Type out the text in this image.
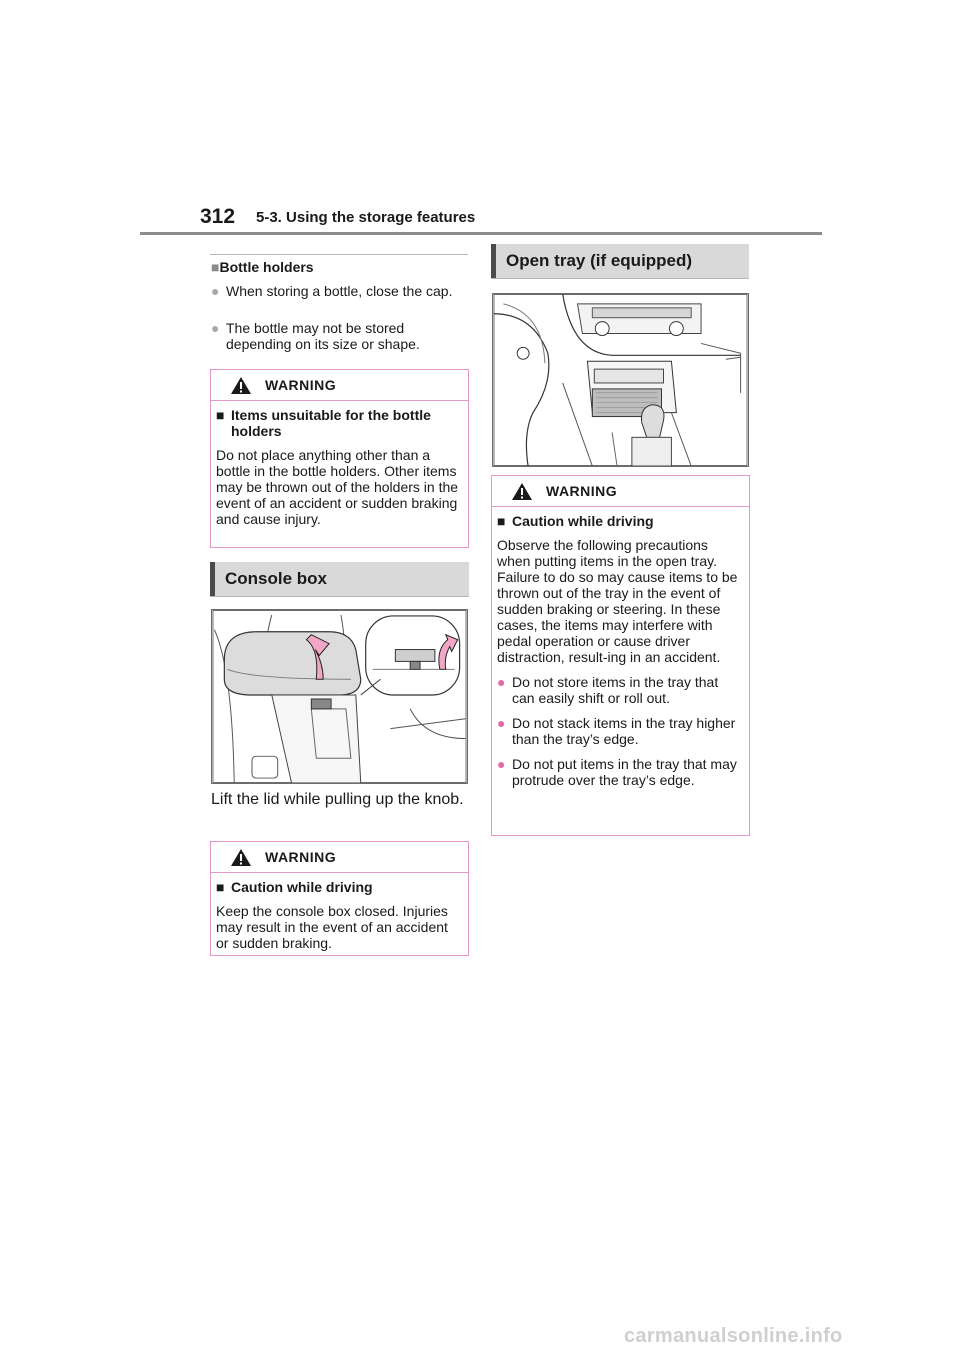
312 5-3. Using the storage features
■Bottle holders
● When storing a bottle, close the cap.
● The bottle may not be stored depending on its size or shape.
WARNING
■ Items unsuitable for the bottle holders

Do not place anything other than a bottle in the bottle holders. Other items may be thrown out of the holders in the event of an accident or sudden braking and cause injury.

Console box
Lift the lid while pulling up the knob.
WARNING
■ Caution while driving

Keep the console box closed. Injuries may result in the event of an accident or sudden braking.

Open tray (if equipped)
WARNING
■ Caution while driving

Observe the following precautions when putting items in the open tray. Failure to do so may cause items to be thrown out of the tray in the event of sudden braking or steering. In these cases, the items may interfere with pedal operation or cause driver distraction, result-ing in an accident.

● Do not store items in the tray that can easily shift or roll out.
● Do not stack items in the tray higher than the tray’s edge.
● Do not put items in the tray that may protrude over the tray’s edge.
carmanualsonline.info
